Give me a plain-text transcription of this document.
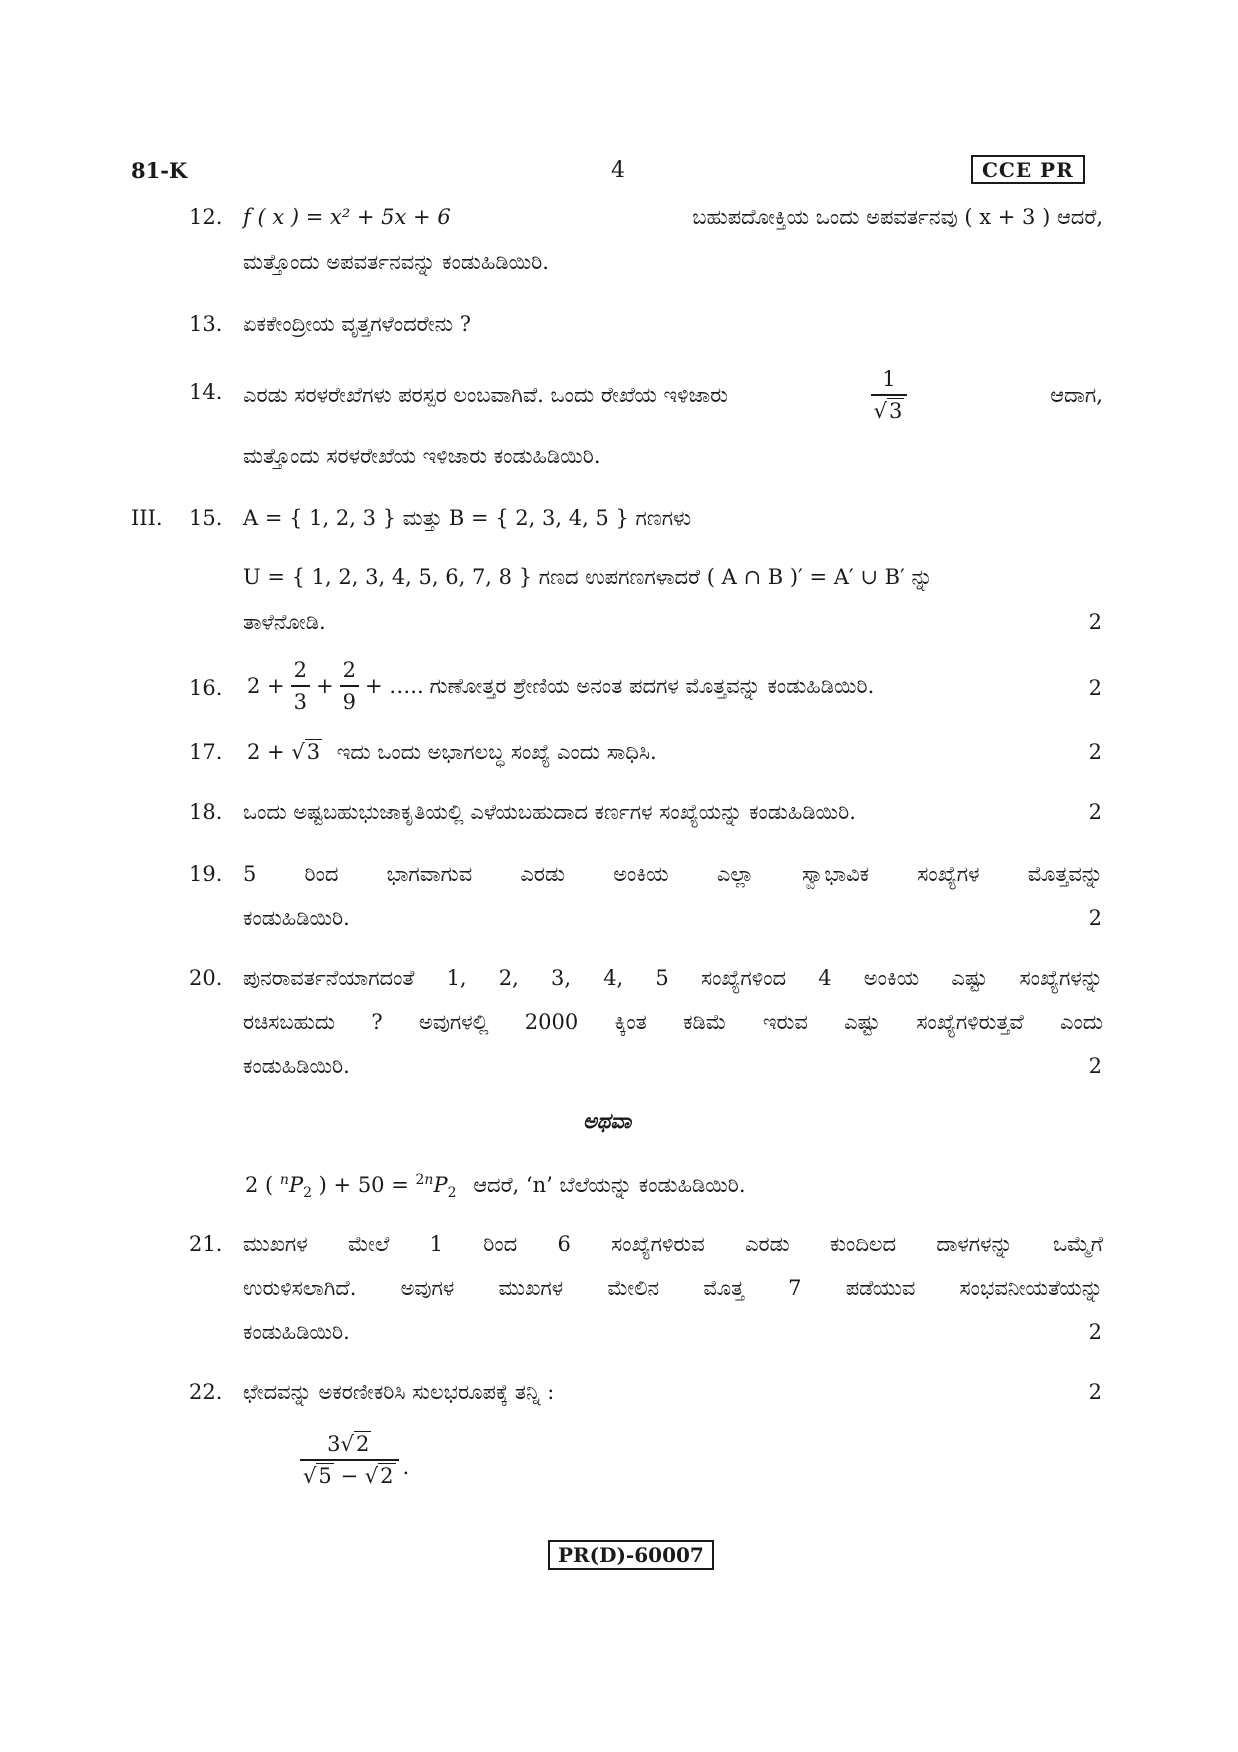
81-K	4	CCE PR
12. f ( x ) = x² + 5x + 6	ಬಹುಪದೋಕ್ತಿಯ ಒಂದು ಅಪವರ್ತನವು ( x + 3 ) ಆದರೆ,
ಮತ್ತೊಂದು ಅಪವರ್ತನವನ್ನು ಕಂಡುಹಿಡಿಯಿರಿ.
13. ಏಕಕೇಂದ್ರೀಯ ವೃತ್ತಗಳೆಂದರೇನು ?
14. ಎರಡು ಸರಳರೇಖೆಗಳು ಪರಸ್ಪರ ಲಂಬವಾಗಿವೆ. ಒಂದು ರೇಖೆಯ ಇಳಿಜಾರು	$\frac{1}{√3}$	ಆದಾಗ,
ಮತ್ತೊಂದು ಸರಳರೇಖೆಯ ಇಳಿಜಾರು ಕಂಡುಹಿಡಿಯಿರಿ.
III. 15. A = { 1, 2, 3 } ಮತ್ತು B = { 2, 3, 4, 5 } ಗಣಗಳು
U = { 1, 2, 3, 4, 5, 6, 7, 8 } ಗಣದ ಉಪಗಣಗಳಾದರೆ ( A ∩ B )′ = A′ ∪ B′ ನ್ನು
ತಾಳೆನೋಡಿ.	2
16. $2 + \frac{2}{3} + \frac{2}{9}$ + ….. ಗುಣೋತ್ತರ ಶ್ರೇಣಿಯ ಅನಂತ ಪದಗಳ ಮೊತ್ತವನ್ನು ಕಂಡುಹಿಡಿಯಿರಿ.	2
17. 2 + √3 ಇದು ಒಂದು ಅಭಾಗಲಬ್ಧ ಸಂಖ್ಯೆ ಎಂದು ಸಾಧಿಸಿ.	2
18. ಒಂದು ಅಷ್ಟಬಹುಭುಜಾಕೃತಿಯಲ್ಲಿ ಎಳೆಯಬಹುದಾದ ಕರ್ಣಗಳ ಸಂಖ್ಯೆಯನ್ನು ಕಂಡುಹಿಡಿಯಿರಿ.	2
19. 5 ರಿಂದ ಭಾಗವಾಗುವ ಎರಡು ಅಂಕಿಯ ಎಲ್ಲಾ ಸ್ವಾಭಾವಿಕ ಸಂಖ್ಯೆಗಳ ಮೊತ್ತವನ್ನು
ಕಂಡುಹಿಡಿಯಿರಿ.	2
20. ಪುನರಾವರ್ತನೆಯಾಗದಂತೆ 1, 2, 3, 4, 5 ಸಂಖ್ಯೆಗಳಿಂದ 4 ಅಂಕಿಯ ಎಷ್ಟು ಸಂಖ್ಯೆಗಳನ್ನು
ರಚಿಸಬಹುದು ? ಅವುಗಳಲ್ಲಿ 2000 ಕ್ಕಿಂತ ಕಡಿಮೆ ಇರುವ ಎಷ್ಟು ಸಂಖ್ಯೆಗಳಿರುತ್ತವೆ ಎಂದು
ಕಂಡುಹಿಡಿಯಿರಿ.	2
ಅಥವಾ
2 ( $^nP_2$ ) + $50 = ^{2n}P_2$ ಆದರೆ, ‘n’ ಬೆಲೆಯನ್ನು ಕಂಡುಹಿಡಿಯಿರಿ.
21. ಮುಖಗಳ ಮೇಲೆ 1 ರಿಂದ 6 ಸಂಖ್ಯೆಗಳಿರುವ ಎರಡು ಕುಂದಿಲದ ದಾಳಗಳನ್ನು ಒಮ್ಮೆಗೆ
ಉರುಳಿಸಲಾಗಿದೆ. ಅವುಗಳ ಮುಖಗಳ ಮೇಲಿನ ಮೊತ್ತ 7 ಪಡೆಯುವ ಸಂಭವನೀಯತೆಯನ್ನು
ಕಂಡುಹಿಡಿಯಿರಿ.	2
22. ಛೇದವನ್ನು ಅಕರಣೀಕರಿಸಿ ಸುಲಭರೂಪಕ್ಕೆ ತನ್ನಿ :	2
$\frac{3√2}{√5 - √2}$ .
PR(D)-60007
